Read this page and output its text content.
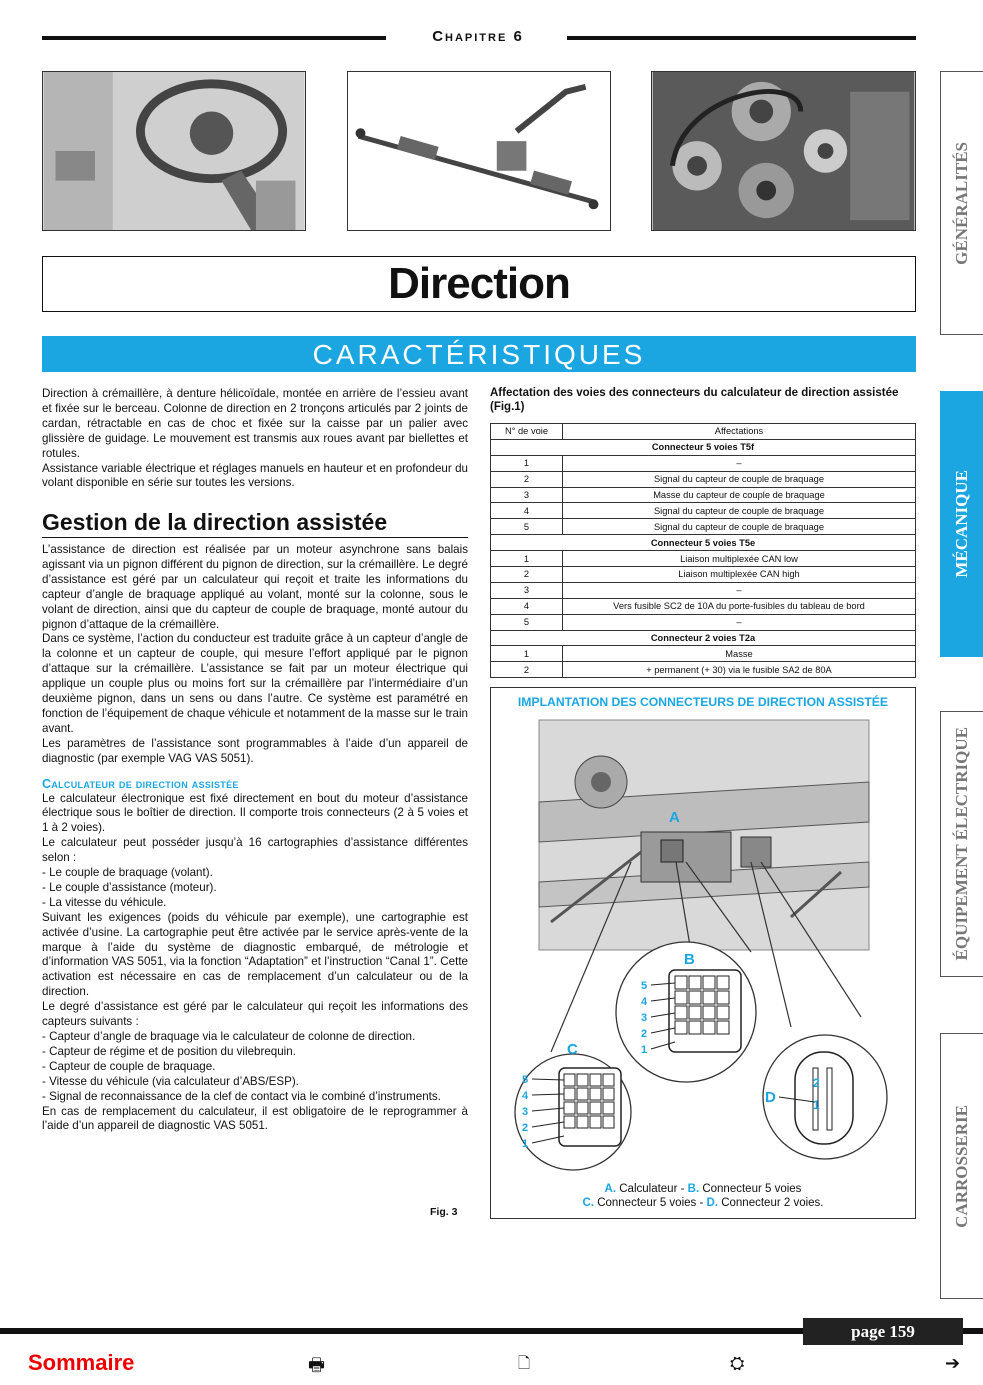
Chapitre 6
Direction
CARACTÉRISTIQUES
GÉNÉRALITÉS
MÉCANIQUE
ÉQUIPEMENT ÉLECTRIQUE
CARROSSERIE

Direction à crémaillère, à denture hélicoïdale, montée en arrière de l’essieu avant et fixée sur le berceau. Colonne de direction en 2 tronçons articulés par 2 joints de cardan, rétractable en cas de choc et fixée sur la caisse par un palier avec glissière de guidage. Le mouvement est transmis aux roues avant par biellettes et rotules.

Assistance variable électrique et réglages manuels en hauteur et en profondeur du volant disponible en série sur toutes les versions.

Gestion de la direction assistée

L’assistance de direction est réalisée par un moteur asynchrone sans balais agissant via un pignon différent du pignon de direction, sur la crémaillère. Le degré d’assistance est géré par un calculateur qui reçoit et traite les informations du capteur d’angle de braquage appliqué au volant, monté sur la colonne, sous le volant de direction, ainsi que du capteur de couple de braquage, monté autour du pignon d’attaque de la crémaillère.

Dans ce système, l’action du conducteur est traduite grâce à un capteur d’angle de la colonne et un capteur de couple, qui mesure l’effort appliqué par le pignon d’attaque sur la crémaillère. L’assistance se fait par un moteur électrique qui applique un couple plus ou moins fort sur la crémaillère par l’intermédiaire d’un deuxième pignon, dans un sens ou dans l’autre. Ce système est paramétré en fonction de l’équipement de chaque véhicule et notamment de la masse sur le train avant.

Les paramètres de l’assistance sont programmables à l’aide d’un appareil de diagnostic (par exemple VAG VAS 5051).

Calculateur de direction assistée

Le calculateur électronique est fixé directement en bout du moteur d’assistance électrique sous le boîtier de direction. Il comporte trois connecteurs (2 à 5 voies et 1 à 2 voies).

Le calculateur peut posséder jusqu’à 16 cartographies d’assistance différentes selon :

- Le couple de braquage (volant).

- Le couple d’assistance (moteur).

- La vitesse du véhicule.

Suivant les exigences (poids du véhicule par exemple), une cartographie est activée d’usine. La cartographie peut être activée par le service après-vente de la marque à l’aide du système de diagnostic embarqué, de métrologie et d’information VAS 5051, via la fonction “Adaptation” et l’instruction “Canal 1”. Cette activation est nécessaire en cas de remplacement d’un calculateur ou de la direction.

Le degré d’assistance est géré par le calculateur qui reçoit les informations des capteurs suivants :

- Capteur d’angle de braquage via le calculateur de colonne de direction.

- Capteur de régime et de position du vilebrequin.

- Capteur de couple de braquage.

- Vitesse du véhicule (via calculateur d’ABS/ESP).

- Signal de reconnaissance de la clef de contact via le combiné d’instruments.

En cas de remplacement du calculateur, il est obligatoire de le reprogrammer à l’aide d’un appareil de diagnostic VAS 5051.

Fig. 3
Affectation des voies des connecteurs du calculateur de direction assistée (Fig.1)
N° de voie	Affectations
Connecteur 5 voies T5f	
1	–
2	Signal du capteur de couple de braquage
3	Masse du capteur de couple de braquage
4	Signal du capteur de couple de braquage
5	Signal du capteur de couple de braquage
Connecteur 5 voies T5e	
1	Liaison multiplexée CAN low
2	Liaison multiplexée CAN high
3	–
4	Vers fusible SC2 de 10A du porte-fusibles du tableau de bord
5	–
Connecteur 2 voies T2a	
1	Masse
2	+ permanent (+ 30) via le fusible SA2 de 80A
IMPLANTATION DES CONNECTEURS DE DIRECTION ASSISTÉE
A
B
5
4
3
2
1
C
5
4
3
2
1
D
2
1
A. Calculateur - B. Connecteur 5 voies
C. Connecteur 5 voies - D. Connecteur 2 voies.
page 159
Sommaire	🖶	🗋	⛭	➔
